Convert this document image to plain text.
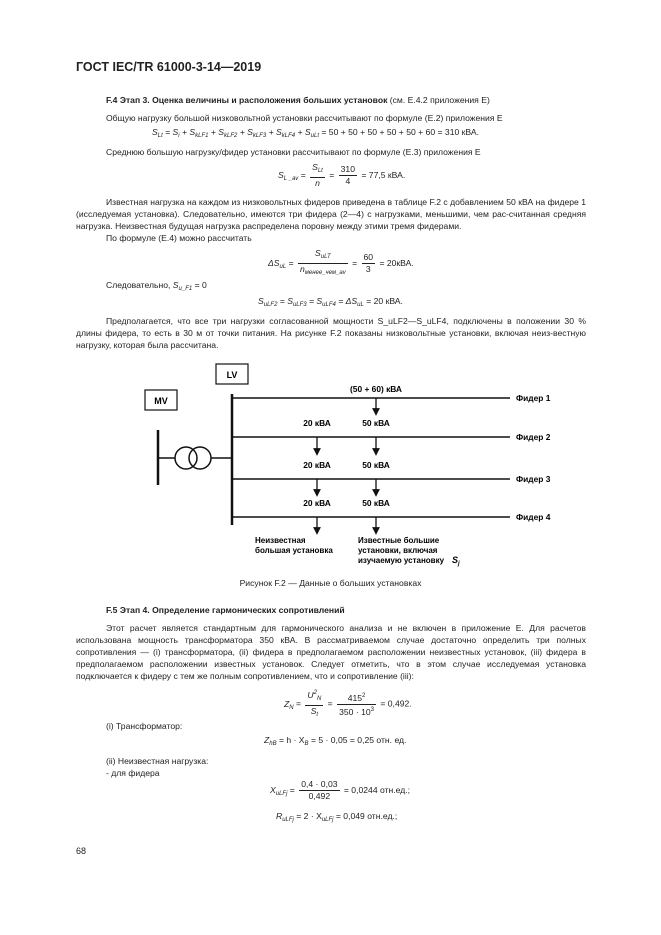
ГОСТ IEC/TR 61000-3-14—2019
F.4 Этап 3. Оценка величины и расположения больших установок (см. Е.4.2 приложения Е)
Общую нагрузку большой низковольтной установки рассчитывают по формуле (Е.2) приложения Е
$S_{Lt} = S_i + S_{kLF1} + S_{kLF2} + S_{kLF3} + S_{kLF4} + S_{uLt} = 50 + 50 + 50 + 50 + 50 + 60 = 310$ кВА.
Среднюю большую нагрузку/фидер установки рассчитывают по формуле (Е.3) приложения Е
$S_{L \_av} = \frac{S_{Lt}}{n} = \frac{310}{4} = 77,5$ кВА.
Известная нагрузка на каждом из низковольтных фидеров приведена в таблице F.2 с добавлением 50 кВА на фидере 1 (исследуемая установка). Следовательно, имеются три фидера (2—4) с нагрузками, меньшими, чем рас-считанная средняя нагрузка. Неизвестная будущая нагрузка распределена поровну между этими тремя фидерами.
По формуле (Е.4) можно рассчитать
$\Delta S_{uL} = \frac{S_{uLT}}{n_{менее\_чем\_av}} = \frac{60}{3} = 20кВА$.
Следовательно, $S_{u\_F1} = 0$
$S_{uLF2} = S_{uLF3} = S_{uLF4} = \Delta S_{uL} = 20$ кВА.
Предполагается, что все три нагрузки согласованной мощности S_uLF2—S_uLF4, подключены в положении 30 % длины фидера, то есть в 30 м от точки питания. На рисунке F.2 показаны низковольтные установки, включая неиз-вестную нагрузку, которая была рассчитана.
MV
LV
Фидер 1
Фидер 2
Фидер 3
Фидер 4
(50 + 60) кВА
20 кВА	50 кВА
20 кВА	50 кВА
20 кВА	50 кВА
Неизвестная
большая установка
Известные большие
установки, включая
изучаемую установку $S_j$
Рисунок F.2 — Данные о больших установках
F.5 Этап 4. Определение гармонических сопротивлений
Этот расчет является стандартным для гармонического анализа и не включен в приложение Е. Для расчетов использована мощность трансформатора 350 кВА. В рассматриваемом случае достаточно определить три полных сопротивления — (i) трансформатора, (ii) фидера в предполагаемом расположении неизвестных установок, (iii) фидера в предполагаемом расположении известных установок. Следует отметить, что в этом случае исследуемая установка подключается к фидеру с тем же полным сопротивлением, что и сопротивление (iii):
$Z_N = \frac{U^2_N}{S_t} = \frac{415^2}{350 \cdot 10^3} = 0,492$.
(i) Трансформатор:
$Z_{hB} = h \cdot X_B = 5 \cdot 0,05 = 0,25$ отн. ед.
(ii) Неизвестная нагрузка:
- для фидера
$X_{uLFj} = \frac{0,4 \cdot 0,03}{0,492} = 0,0244$ отн.ед.;
$R_{uLFj} = 2 \cdot X_{uLFj} = 0,049$ отн.ед.;
68
